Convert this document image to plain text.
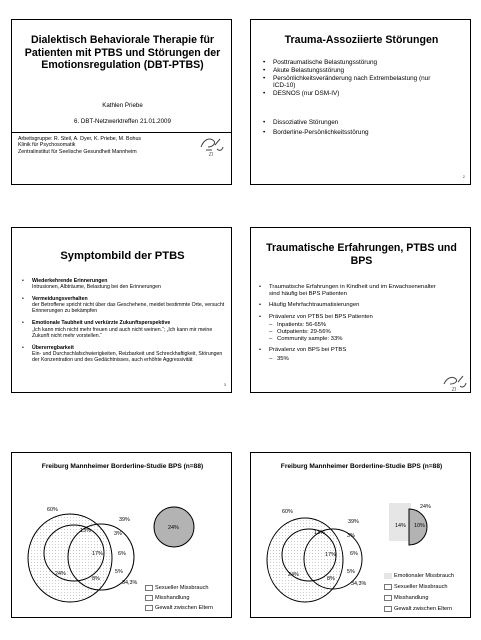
Dialektisch Behaviorale Therapie für Patienten mit PTBS und Störungen der Emotionsregulation (DBT-PTBS)
Kathlen Priebe
6. DBT-Netzwerktreffen 21.01.2009
Arbeitsgruppe: R. Steil, A. Dyer, K. Priebe, M. Bohus
Klinik für Psychosomatik
Zentralinstitut für Seelische Gesundheit Mannheim
ZI
Trauma-Assoziierte Störungen
• Posttraumatische Belastungsstörung
• Akute Belastungsstörung
• Persönlichkeitsveränderung nach Extrembelastung (nur ICD-10)
• DESNOS (nur DSM-IV)
• Dissoziative Störungen
• Borderline-Persönlichkeitsstörung
2
Symptombild der PTBS
• Wiederkehrende Erinnerungen
Intrusionen, Albträume, Belastung bei den Erinnerungen
• Vermeidungsverhalten
der Betroffene spricht nicht über das Geschehene, meidet bestimmte Orte, versucht Erinnerungen zu bekämpfen
• Emotionale Taubheit und verkürzte Zukunftsperspektive
„Ich kann mich nicht mehr freuen und auch nicht weinen.“; „Ich kann mir meine Zukunft nicht mehr vorstellen.“
• Übererregbarkeit
Ein- und Durchschlafschwierigkeiten, Reizbarkeit und Schreckhaftigkeit, Störungen der Konzentration und des Gedächtnisses, auch erhöhte Aggressivität
3
Traumatische Erfahrungen, PTBS und BPS
• Traumatische Erfahrungen in Kindheit und im Erwachsenenalter sind häufig bei BPS Patienten
• Häufig Mehrfachtraumatisierungen
• Prävalenz von PTBS bei BPS Patienten
– Inpatients: 56-65%
– Outpatients: 29-56%
– Community sample: 33%
• Prävalenz von BPS bei PTBS
– 35%
ZI
Freiburg Mannheimer Borderline-Studie BPS (n=88)
60%
39%
13%	3%
17%	6%
24%
8%
5%
34,3%
24%
Sexueller Missbrauch
Misshandlung
Gewalt zwischen Eltern
Freiburg Mannheimer Borderline-Studie BPS (n=88)
60%
39%
13%	3%
17%	6%
24%
8%
5%
34,3%
24%
14% 10%
Emotionaler Missbrauch
Sexueller Missbrauch
Misshandlung
Gewalt zwischen Eltern
